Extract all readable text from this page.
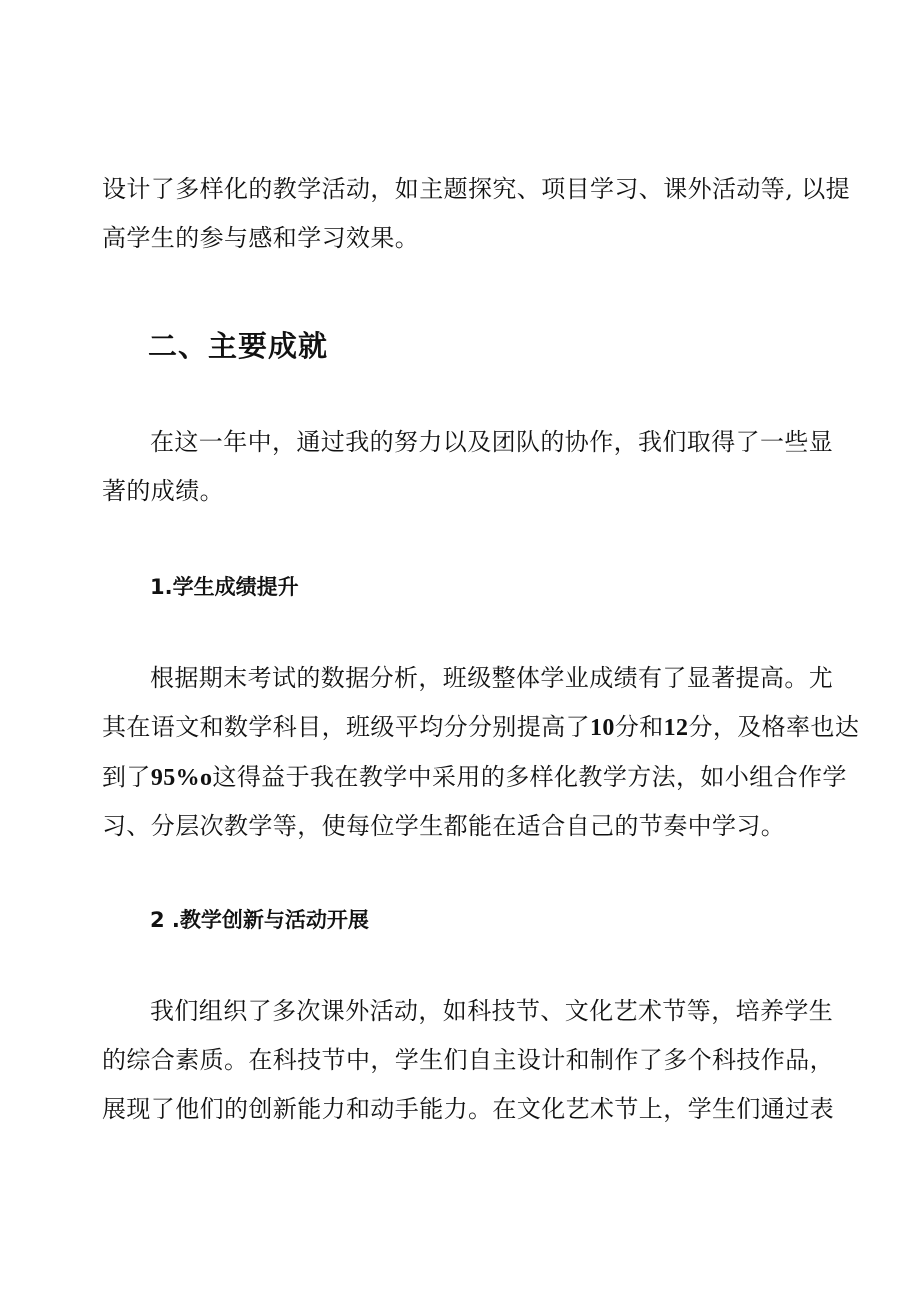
设计了多样化的教学活动，如主题探究、项目学习、课外活动等, 以提
高学生的参与感和学习效果。
二、主要成就
在这一年中，通过我的努力以及团队的协作，我们取得了一些显
著的成绩。
1.学生成绩提升
根据期末考试的数据分析，班级整体学业成绩有了显著提高。尤
其在语文和数学科目，班级平均分分别提高了10分和12分，及格率也达
到了95%o这得益于我在教学中采用的多样化教学方法，如小组合作学
习、分层次教学等，使每位学生都能在适合自己的节奏中学习。
2 .教学创新与活动开展
我们组织了多次课外活动，如科技节、文化艺术节等，培养学生
的综合素质。在科技节中，学生们自主设计和制作了多个科技作品，
展现了他们的创新能力和动手能力。在文化艺术节上，学生们通过表
